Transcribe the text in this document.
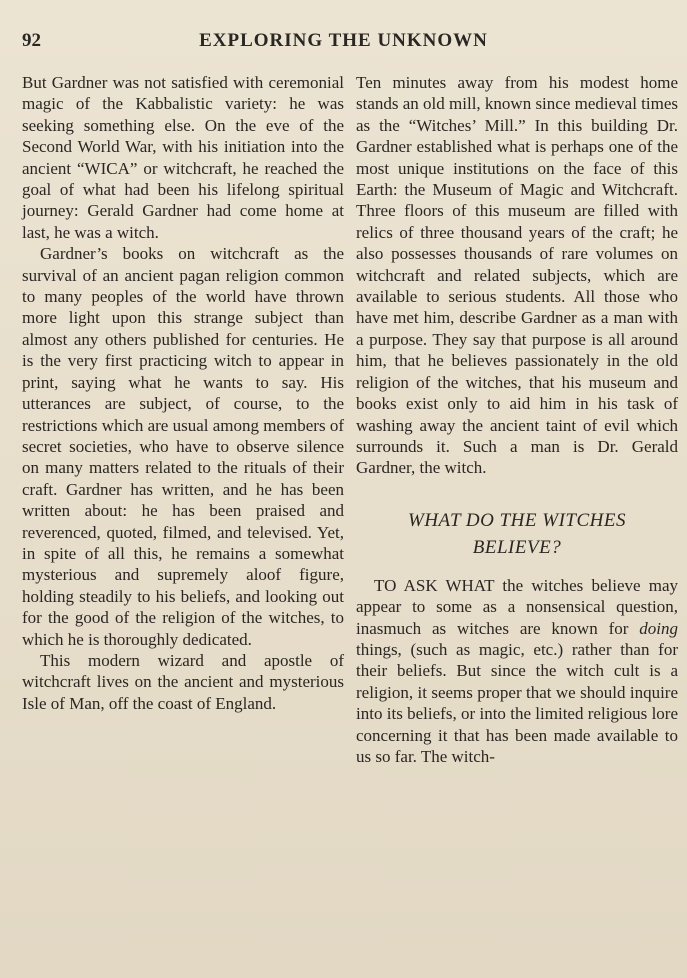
92	EXPLORING THE UNKNOWN

But Gardner was not satisfied with ceremonial magic of the Kabbalistic variety: he was seeking something else. On the eve of the Second World War, with his initiation into the ancient “WICA” or witchcraft, he reached the goal of what had been his lifelong spiritual journey: Gerald Gardner had come home at last, he was a witch.

Gardner’s books on witchcraft as the survival of an ancient pagan religion common to many peoples of the world have thrown more light upon this strange subject than almost any others published for centuries. He is the very first practicing witch to appear in print, saying what he wants to say. His utterances are subject, of course, to the restrictions which are usual among members of secret societies, who have to observe silence on many matters related to the rituals of their craft. Gardner has written, and he has been written about: he has been praised and reverenced, quoted, filmed, and televised. Yet, in spite of all this, he remains a somewhat mysterious and supremely aloof figure, holding steadily to his beliefs, and looking out for the good of the religion of the witches, to which he is thoroughly dedicated.

This modern wizard and apostle of witchcraft lives on the ancient and mysterious Isle of Man, off the coast of England.

Ten minutes away from his modest home stands an old mill, known since medieval times as the “Witches’ Mill.” In this building Dr. Gardner established what is perhaps one of the most unique institutions on the face of this Earth: the Museum of Magic and Witchcraft. Three floors of this museum are filled with relics of three thousand years of the craft; he also possesses thousands of rare volumes on witchcraft and related subjects, which are available to serious students. All those who have met him, describe Gardner as a man with a purpose. They say that purpose is all around him, that he believes passionately in the old religion of the witches, that his museum and books exist only to aid him in his task of washing away the ancient taint of evil which surrounds it. Such a man is Dr. Gerald Gardner, the witch.

WHAT DO THE WITCHES
BELIEVE?

TO ASK WHAT the witches believe may appear to some as a nonsensical question, inasmuch as witches are known for doing things, (such as magic, etc.) rather than for their beliefs. But since the witch cult is a religion, it seems proper that we should inquire into its beliefs, or into the limited religious lore concerning it that has been made available to us so far. The witch-
